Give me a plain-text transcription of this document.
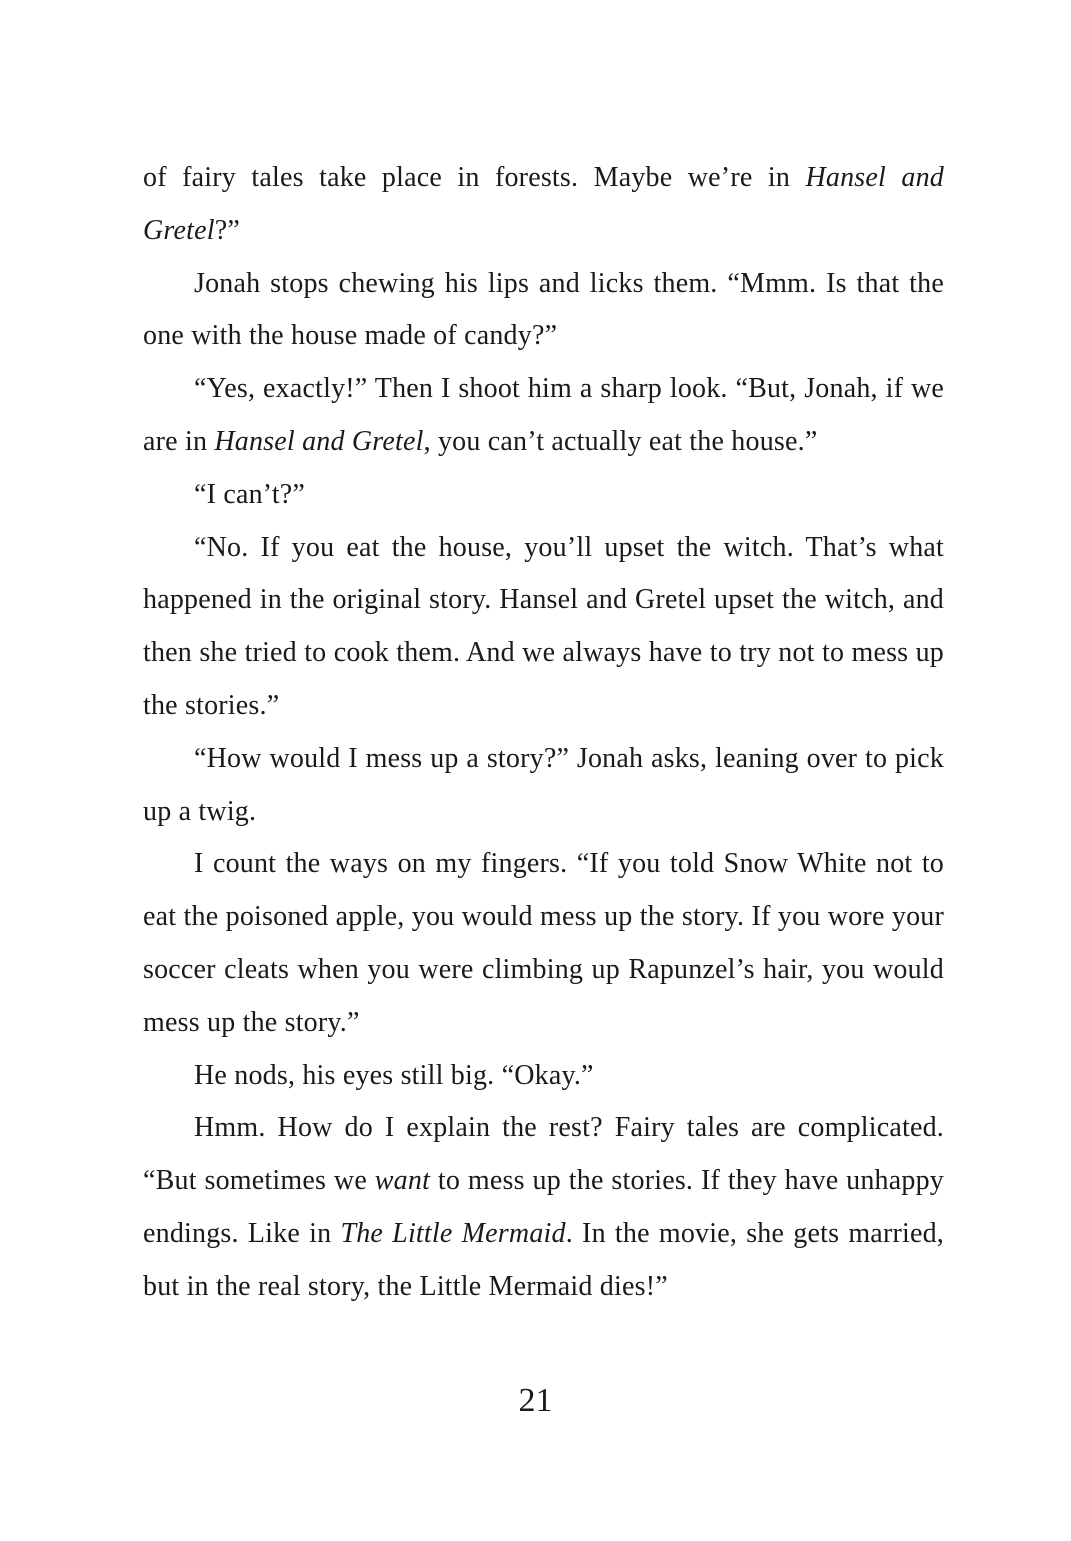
of fairy tales take place in forests. Maybe we’re in Hansel and Gretel?”

Jonah stops chewing his lips and licks them. “Mmm. Is that the one with the house made of candy?”

“Yes, exactly!” Then I shoot him a sharp look. “But, Jonah, if we are in Hansel and Gretel, you can’t actually eat the house.”

“I can’t?”

“No. If you eat the house, you’ll upset the witch. That’s what happened in the original story. Hansel and Gretel upset the witch, and then she tried to cook them. And we always have to try not to mess up the stories.”

“How would I mess up a story?” Jonah asks, leaning over to pick up a twig.

I count the ways on my fingers. “If you told Snow White not to eat the poisoned apple, you would mess up the story. If you wore your soccer cleats when you were climbing up Rapunzel’s hair, you would mess up the story.”

He nods, his eyes still big. “Okay.”

Hmm. How do I explain the rest? Fairy tales are complicated. “But sometimes we want to mess up the stories. If they have unhappy endings. Like in The Little Mermaid. In the movie, she gets married, but in the real story, the Little Mermaid dies!”

21
